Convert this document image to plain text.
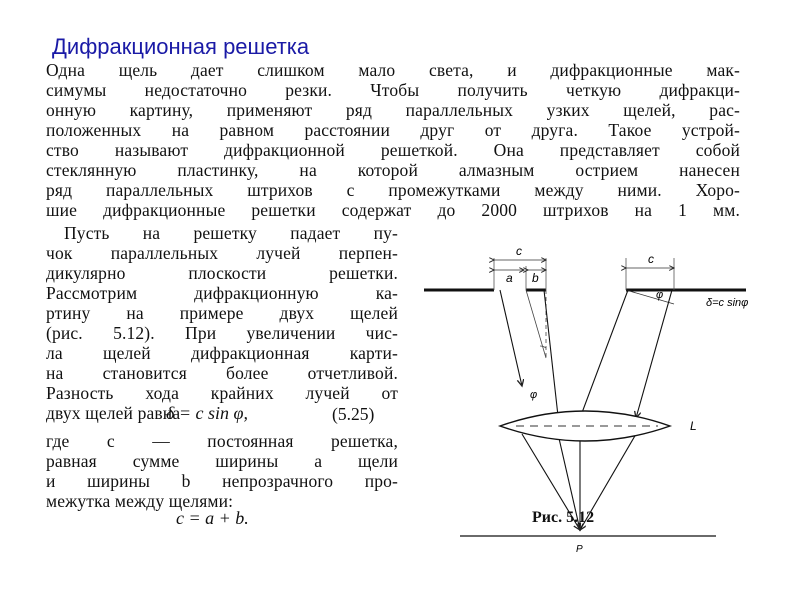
Дифракционная решетка
Одна щель дает слишком мало света, и дифракционные мак-
симумы недостаточно резки. Чтобы получить четкую дифракци-
онную картину, применяют ряд параллельных узких щелей, рас-
положенных на равном расстоянии друг от друга. Такое устрой-
ство называют дифракционной решеткой. Она представляет собой
стеклянную пластинку, на которой алмазным острием нанесен
ряд параллельных штрихов с промежутками между ними. Хоро-
шие дифракционные решетки содержат до 2000 штрихов на 1 мм.
Пусть на решетку падает пу-
чок параллельных лучей перпен-
дикулярно плоскости решетки.
Рассмотрим дифракционную ка-
ртину на примере двух щелей
(рис. 5.12). При увеличении чис-
ла щелей дифракционная карти-
на становится более отчетливой.
Разность хода крайних лучей от
двух щелей равна
δ = c sin φ,	(5.25)
где c — постоянная решетка,
равная сумме ширины a щели
и ширины b непрозрачного про-
межутка между щелями:
c = a + b.
c
a b
φ
c
φ
δ=c sinφ
L
P
Рис. 5.12
